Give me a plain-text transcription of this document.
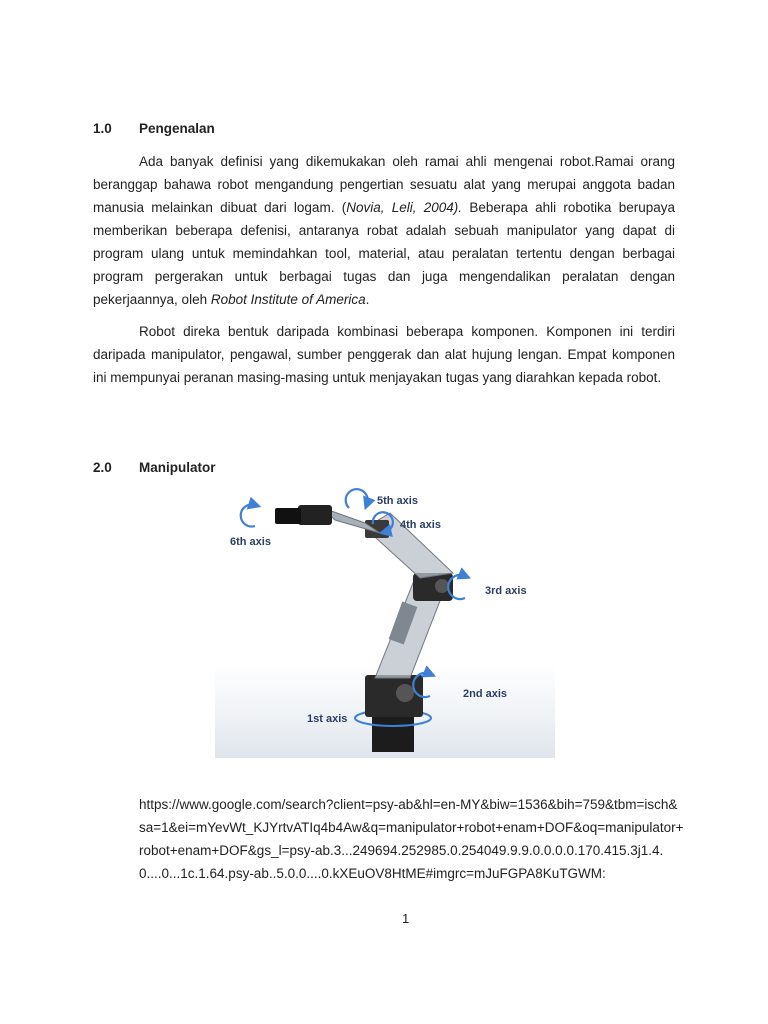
1.0 Pengenalan

Ada banyak definisi yang dikemukakan oleh ramai ahli mengenai robot.Ramai orang beranggap bahawa robot mengandung pengertian sesuatu alat yang merupai anggota badan manusia melainkan dibuat dari logam. (Novia, Leli, 2004). Beberapa ahli robotika berupaya memberikan beberapa defenisi, antaranya robat adalah sebuah manipulator yang dapat di program ulang untuk memindahkan tool, material, atau peralatan tertentu dengan berbagai program pergerakan untuk berbagai tugas dan juga mengendalikan peralatan dengan pekerjaannya, oleh Robot Institute of America.

Robot direka bentuk daripada kombinasi beberapa komponen. Komponen ini terdiri daripada manipulator, pengawal, sumber penggerak dan alat hujung lengan. Empat komponen ini mempunyai peranan masing-masing untuk menjayakan tugas yang diarahkan kepada robot.

2.0 Manipulator
1st axis
2nd axis
3rd axis
4th axis
5th axis
6th axis

https://www.google.com/search?client=psy-ab&hl=en-MY&biw=1536&bih=759&tbm=isch&sa=1&ei=mYevWt_KJYrtvATIq4b4Aw&q=manipulator+robot+enam+DOF&oq=manipulator+robot+enam+DOF&gs_l=psy-ab.3...249694.252985.0.254049.9.9.0.0.0.0.170.415.3j1.4.0....0...1c.1.64.psy-ab..5.0.0....0.kXEuOV8HtME#imgrc=mJuFGPA8KuTGWM:

1
